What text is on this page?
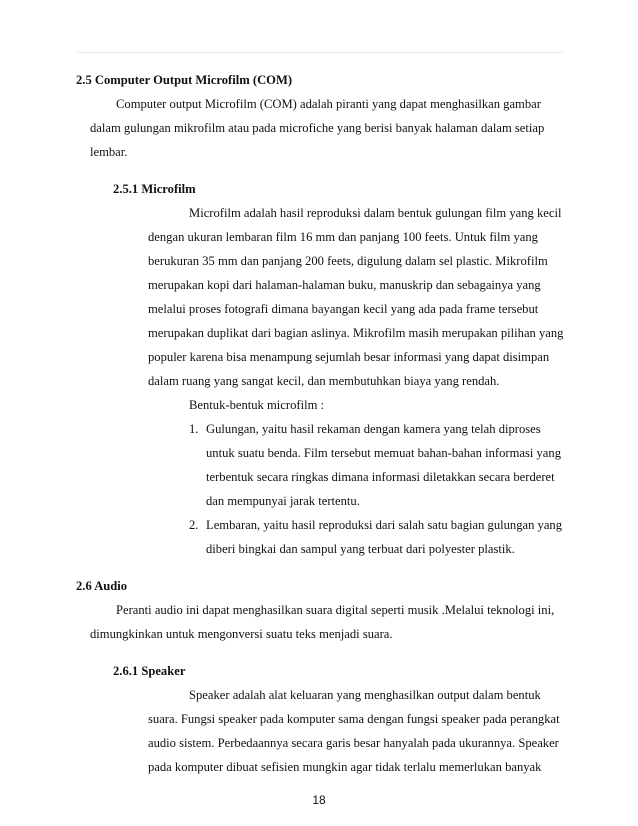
2.5 Computer Output Microfilm (COM)
Computer output Microfilm (COM) adalah piranti yang dapat menghasilkan gambar
dalam gulungan mikrofilm atau pada microfiche yang berisi banyak halaman dalam setiap
lembar.
2.5.1 Microfilm
Microfilm adalah hasil reproduksi dalam bentuk gulungan film yang kecil
dengan ukuran lembaran film 16 mm dan panjang 100 feets. Untuk film yang
berukuran 35 mm dan panjang 200 feets, digulung dalam sel plastic. Mikrofilm
merupakan kopi dari halaman-halaman buku, manuskrip dan sebagainya yang
melalui proses fotografi dimana bayangan kecil yang ada pada frame tersebut
merupakan duplikat dari bagian aslinya. Mikrofilm masih merupakan pilihan yang
populer karena bisa menampung sejumlah besar informasi yang dapat disimpan
dalam ruang yang sangat kecil, dan membutuhkan biaya yang rendah.
Bentuk-bentuk microfilm :
1. Gulungan, yaitu hasil rekaman dengan kamera yang telah diproses
untuk suatu benda. Film tersebut memuat bahan-bahan informasi yang
terbentuk secara ringkas dimana informasi diletakkan secara berderet
dan mempunyai jarak tertentu.
2. Lembaran, yaitu hasil reproduksi dari salah satu bagian gulungan yang
diberi bingkai dan sampul yang terbuat dari polyester plastik.
2.6 Audio
Peranti audio ini dapat menghasilkan suara digital seperti musik .Melalui teknologi ini,
dimungkinkan untuk mengonversi suatu teks menjadi suara.
2.6.1 Speaker
Speaker adalah alat keluaran yang menghasilkan output dalam bentuk
suara. Fungsi speaker pada komputer sama dengan fungsi speaker pada perangkat
audio sistem. Perbedaannya secara garis besar hanyalah pada ukurannya. Speaker
pada komputer dibuat sefisien mungkin agar tidak terlalu memerlukan banyak
18
